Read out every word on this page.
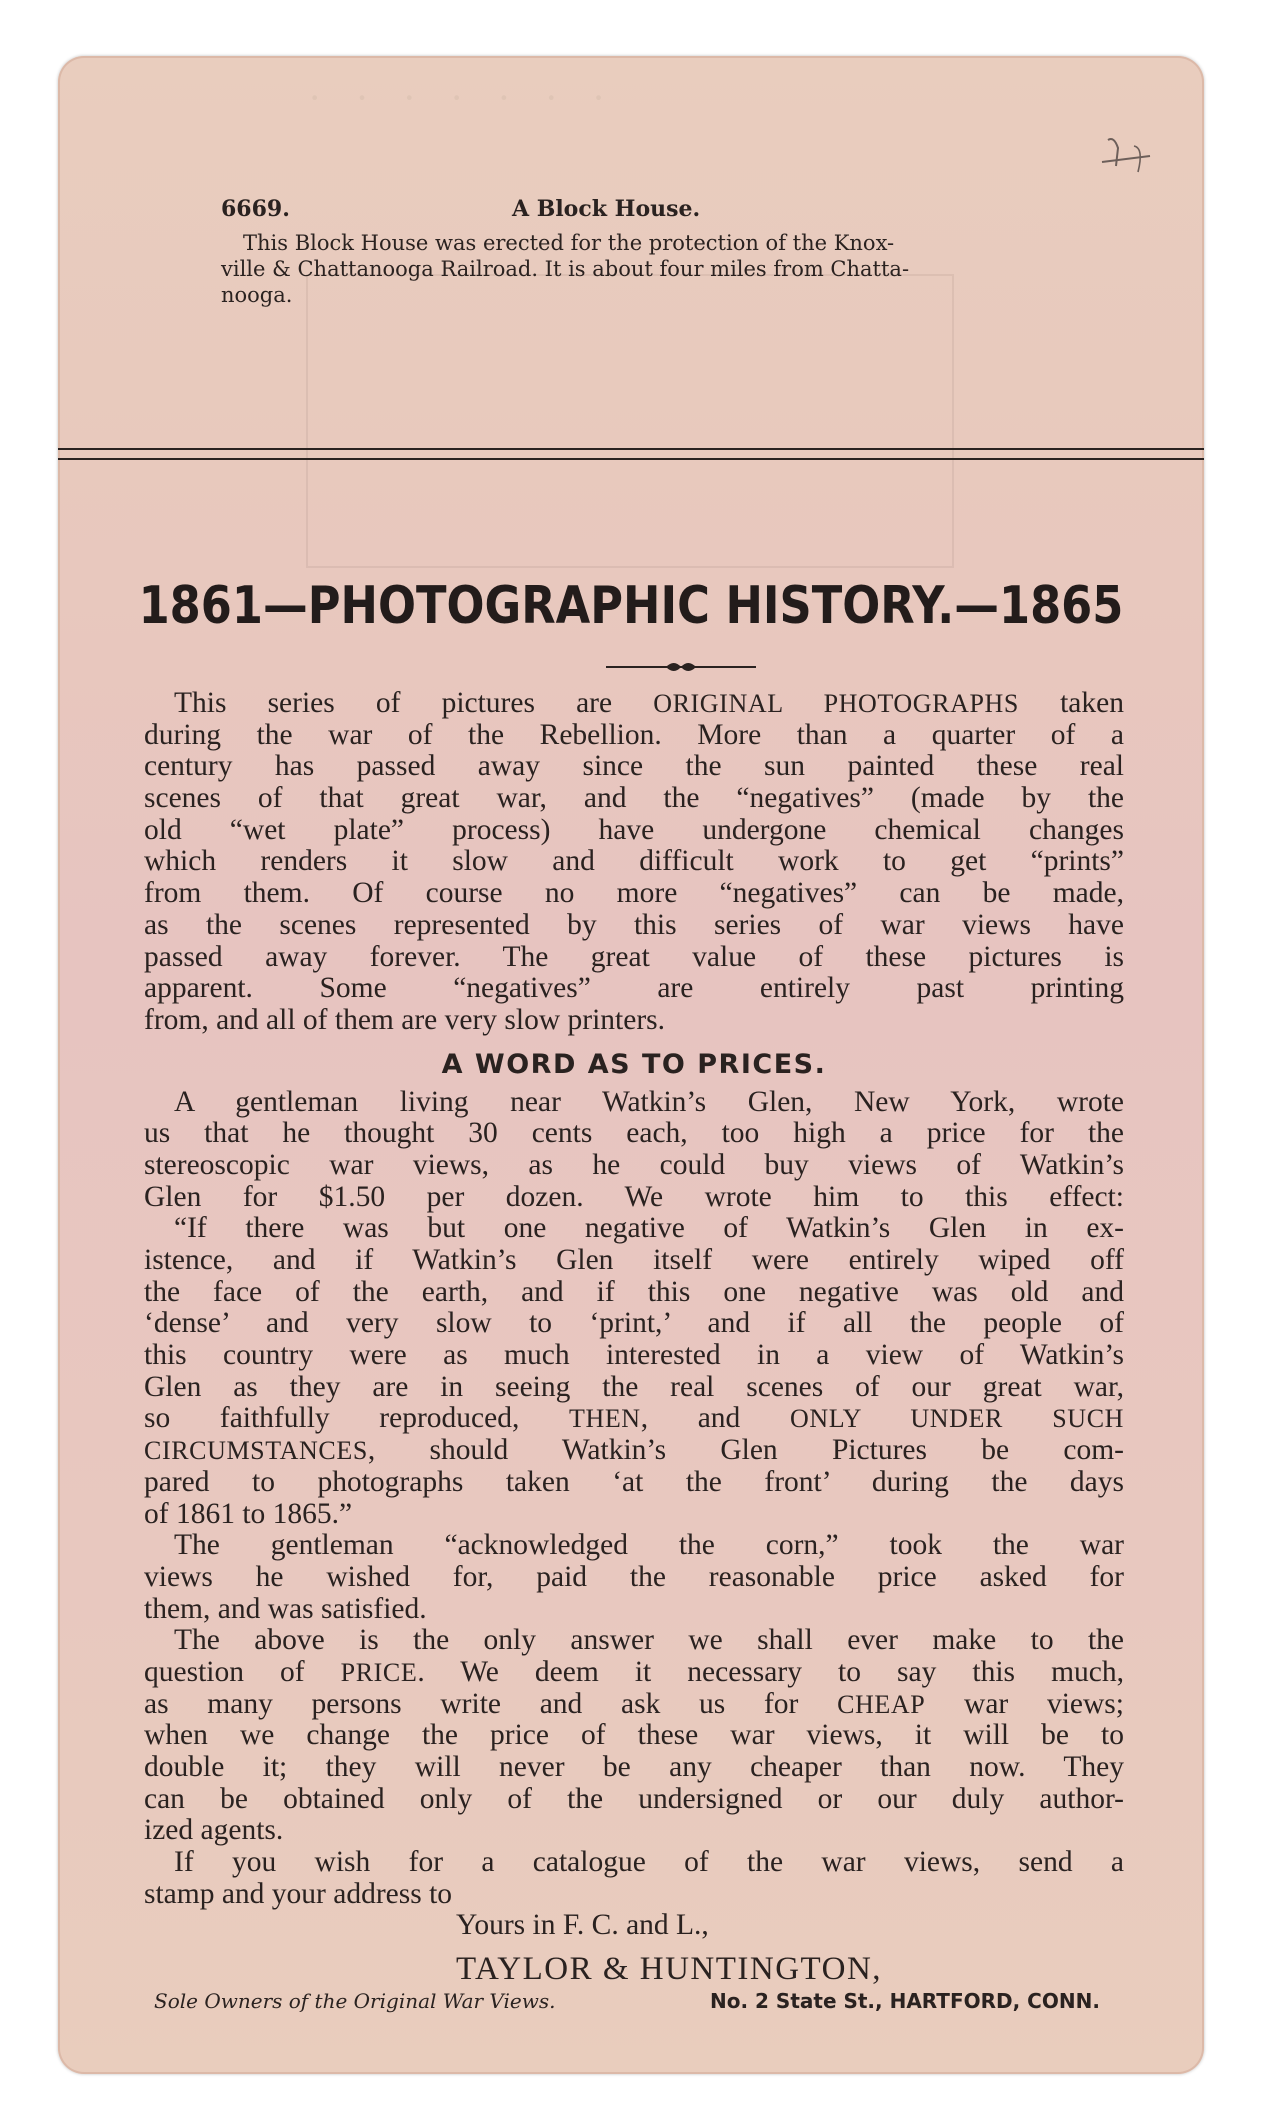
· · · · · · ·
6669.	A Block House.
This Block House was erected for the protection of the Knox-
ville & Chattanooga Railroad. It is about four miles from Chatta-
nooga.
1861—PHOTOGRAPHIC HISTORY.—1865
This series of pictures are ORIGINAL PHOTOGRAPHS taken
during the war of the Rebellion. More than a quarter of a
century has passed away since the sun painted these real
scenes of that great war, and the “negatives” (made by the
old “wet plate” process) have undergone chemical changes
which renders it slow and difficult work to get “prints”
from them. Of course no more “negatives” can be made,
as the scenes represented by this series of war views have
passed away forever. The great value of these pictures is
apparent. Some “negatives” are entirely past printing
from, and all of them are very slow printers.
A WORD AS TO PRICES.
A gentleman living near Watkin’s Glen, New York, wrote
us that he thought 30 cents each, too high a price for the
stereoscopic war views, as he could buy views of Watkin’s
Glen for $1.50 per dozen. We wrote him to this effect:
“If there was but one negative of Watkin’s Glen in ex-
istence, and if Watkin’s Glen itself were entirely wiped off
the face of the earth, and if this one negative was old and
‘dense’ and very slow to ‘print,’ and if all the people of
this country were as much interested in a view of Watkin’s
Glen as they are in seeing the real scenes of our great war,
so faithfully reproduced, THEN, and ONLY UNDER SUCH
CIRCUMSTANCES, should Watkin’s Glen Pictures be com-
pared to photographs taken ‘at the front’ during the days
of 1861 to 1865.”
The gentleman “acknowledged the corn,” took the war
views he wished for, paid the reasonable price asked for
them, and was satisfied.
The above is the only answer we shall ever make to the
question of PRICE. We deem it necessary to say this much,
as many persons write and ask us for CHEAP war views;
when we change the price of these war views, it will be to
double it; they will never be any cheaper than now. They
can be obtained only of the undersigned or our duly author-
ized agents.
If you wish for a catalogue of the war views, send a
stamp and your address to
Yours in F. C. and L.,
TAYLOR & HUNTINGTON,
Sole Owners of the Original War Views.	No. 2 State St., HARTFORD, CONN.
